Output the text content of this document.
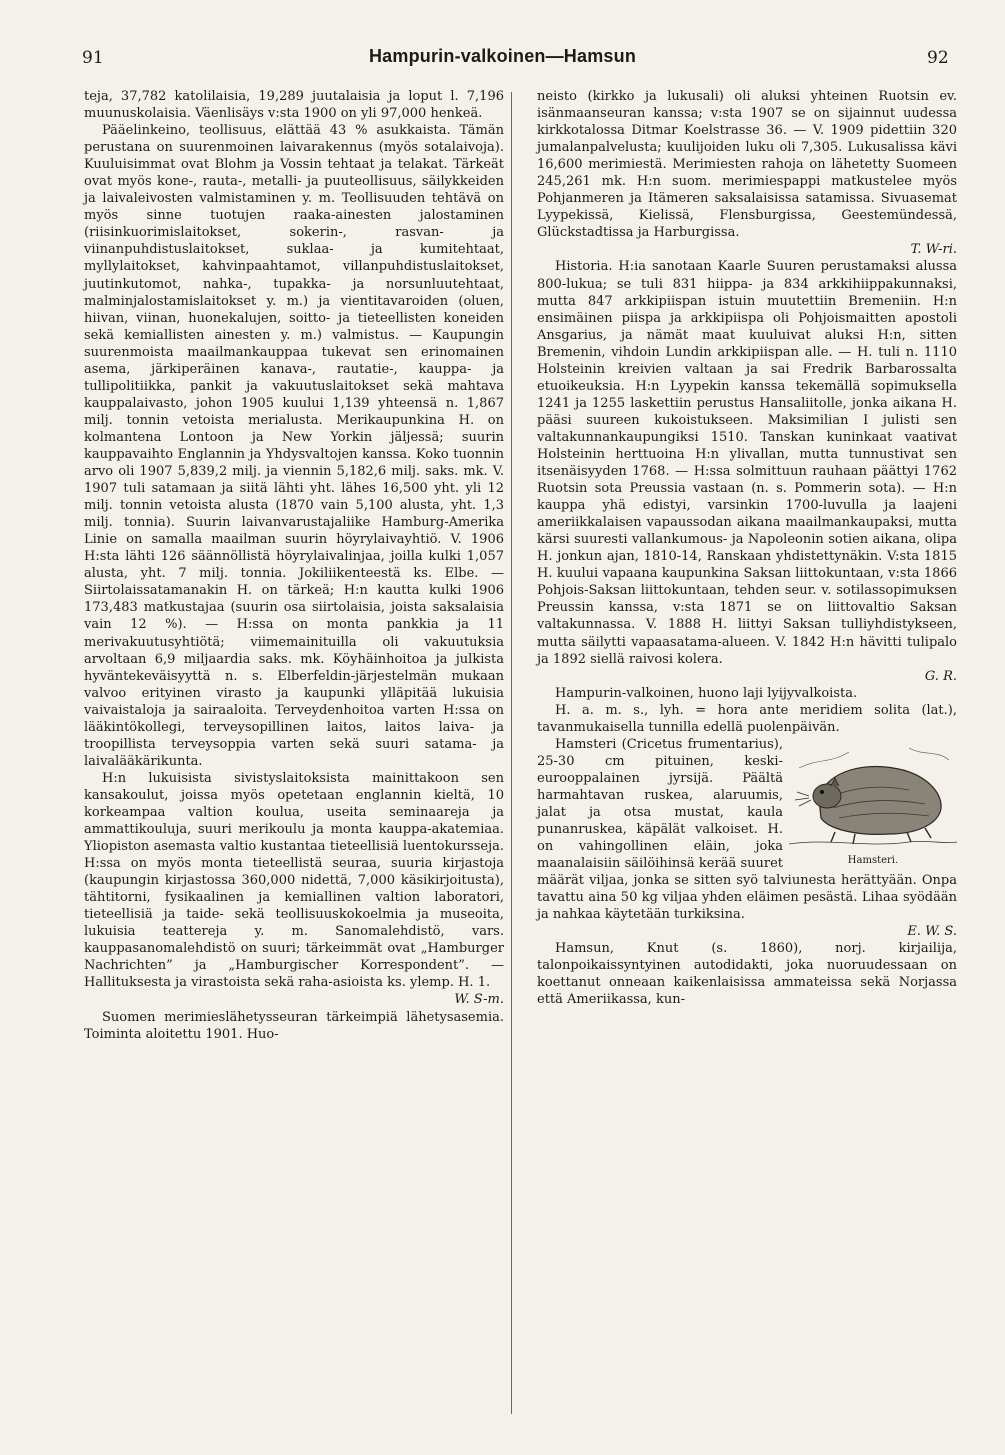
91	Hampurin-valkoinen—Hamsun	92

teja, 37,782 katolilaisia, 19,289 juutalaisia ja loput l. 7,196 muunuskolaisia. Väenlisäys v:sta 1900 on yli 97,000 henkeä.

Pääelinkeino, teollisuus, elättää 43 % asukkaista. Tämän perustana on suurenmoinen laivarakennus (myös sotalaivoja). Kuuluisimmat ovat Blohm ja Vossin tehtaat ja telakat. Tärkeät ovat myös kone-, rauta-, metalli- ja puuteollisuus, säilykkeiden ja laivaleivosten valmistaminen y. m. Teollisuuden tehtävä on myös sinne tuotujen raaka-ainesten jalostaminen (riisinkuorimislaitokset, sokerin-, rasvan- ja viinanpuhdistuslaitokset, suklaa- ja kumitehtaat, myllylaitokset, kahvinpaahtamot, villanpuhdistuslaitokset, juutinkutomot, nahka-, tupakka- ja norsunluutehtaat, malminjalostamislaitokset y. m.) ja vientitavaroiden (oluen, hiivan, viinan, huonekalujen, soitto- ja tieteellisten koneiden sekä kemiallisten ainesten y. m.) valmistus. — Kaupungin suurenmoista maailmankauppaa tukevat sen erinomainen asema, järkiperäinen kanava-, rautatie-, kauppa- ja tullipolitiikka, pankit ja vakuutuslaitokset sekä mahtava kauppalaivasto, johon 1905 kuului 1,139 yhteensä n. 1,867 milj. tonnin vetoista merialusta. Merikaupunkina H. on kolmantena Lontoon ja New Yorkin jäljessä; suurin kauppavaihto Englannin ja Yhdysvaltojen kanssa. Koko tuonnin arvo oli 1907 5,839,2 milj. ja viennin 5,182,6 milj. saks. mk. V. 1907 tuli satamaan ja siitä lähti yht. lähes 16,500 yht. yli 12 milj. tonnin vetoista alusta (1870 vain 5,100 alusta, yht. 1,3 milj. tonnia). Suurin laivanvarustajaliike Hamburg-Amerika Linie on samalla maailman suurin höyrylaivayhtiö. V. 1906 H:sta lähti 126 säännöllistä höyrylaivalinjaa, joilla kulki 1,057 alusta, yht. 7 milj. tonnia. Jokiliikenteestä ks. Elbe. — Siirtolaissatamanakin H. on tärkeä; H:n kautta kulki 1906 173,483 matkustajaa (suurin osa siirtolaisia, joista saksalaisia vain 12 %). — H:ssa on monta pankkia ja 11 merivakuutusyhtiötä; viimemainituilla oli vakuutuksia arvoltaan 6,9 miljaardia saks. mk. Köyhäinhoitoa ja julkista hyväntekeväisyyttä n. s. Elberfeldin-järjestelmän mukaan valvoo erityinen virasto ja kaupunki ylläpitää lukuisia vaivaistaloja ja sairaaloita. Terveydenhoitoa varten H:ssa on lääkintökollegi, terveysopillinen laitos, laitos laiva- ja troopillista terveysoppia varten sekä suuri satama- ja laivalääkärikunta.

H:n lukuisista sivistyslaitoksista mainittakoon sen kansakoulut, joissa myös opetetaan englannin kieltä, 10 korkeampaa valtion koulua, useita seminaareja ja ammattikouluja, suuri merikoulu ja monta kauppa-akatemiaa. Yliopiston asemasta valtio kustantaa tieteellisiä luentokursseja. H:ssa on myös monta tieteellistä seuraa, suuria kirjastoja (kaupungin kirjastossa 360,000 nidettä, 7,000 käsikirjoitusta), tähtitorni, fysikaalinen ja kemiallinen valtion laboratori, tieteellisiä ja taide- sekä teollisuuskokoelmia ja museoita, lukuisia teattereja y. m. Sanomalehdistö, vars. kauppasanomalehdistö on suuri; tärkeimmät ovat „Hamburger Nachrichten” ja „Hamburgischer Korrespondent”. — Hallituksesta ja virastoista sekä raha-asioista ks. ylemp. H. 1.

W. S-m.

Suomen merimieslähetysseuran tärkeimpiä lähetysasemia. Toiminta aloitettu 1901. Huo-

neisto (kirkko ja lukusali) oli aluksi yhteinen Ruotsin ev. isänmaanseuran kanssa; v:sta 1907 se on sijainnut uudessa kirkkotalossa Ditmar Koelstrasse 36. — V. 1909 pidettiin 320 jumalanpalvelusta; kuulijoiden luku oli 7,305. Lukusalissa kävi 16,600 merimiestä. Merimiesten rahoja on lähetetty Suomeen 245,261 mk. H:n suom. merimiespappi matkustelee myös Pohjanmeren ja Itämeren saksalaisissa satamissa. Sivuasemat Lyypekissä, Kielissä, Flensburgissa, Geestemündessä, Glückstadtissa ja Harburgissa.

T. W-ri.

Historia. H:ia sanotaan Kaarle Suuren perustamaksi alussa 800-lukua; se tuli 831 hiippa- ja 834 arkkihiippakunnaksi, mutta 847 arkkipiispan istuin muutettiin Bremeniin. H:n ensimäinen piispa ja arkkipiispa oli Pohjoismaitten apostoli Ansgarius, ja nämät maat kuuluivat aluksi H:n, sitten Bremenin, vihdoin Lundin arkkipiispan alle. — H. tuli n. 1110 Holsteinin kreivien valtaan ja sai Fredrik Barbarossalta etuoikeuksia. H:n Lyypekin kanssa tekemällä sopimuksella 1241 ja 1255 laskettiin perustus Hansaliitolle, jonka aikana H. pääsi suureen kukoistukseen. Maksimilian I julisti sen valtakunnankaupungiksi 1510. Tanskan kuninkaat vaativat Holsteinin herttuoina H:n ylivallan, mutta tunnustivat sen itsenäisyyden 1768. — H:ssa solmittuun rauhaan päättyi 1762 Ruotsin sota Preussia vastaan (n. s. Pommerin sota). — H:n kauppa yhä edistyi, varsinkin 1700-luvulla ja laajeni ameriikkalaisen vapaussodan aikana maailmankaupaksi, mutta kärsi suuresti vallankumous- ja Napoleonin sotien aikana, olipa H. jonkun ajan, 1810-14, Ranskaan yhdistettynäkin. V:sta 1815 H. kuului vapaana kaupunkina Saksan liittokuntaan, v:sta 1866 Pohjois-Saksan liittokuntaan, tehden seur. v. sotilassopimuksen Preussin kanssa, v:sta 1871 se on liittovaltio Saksan valtakunnassa. V. 1888 H. liittyi Saksan tulliyhdistykseen, mutta säilytti vapaasatama-alueen. V. 1842 H:n hävitti tulipalo ja 1892 siellä raivosi kolera.

G. R.

Hampurin-valkoinen, huono laji lyijyvalkoista.

H. a. m. s., lyh. = hora ante meridiem solita (lat.), tavanmukaisella tunnilla edellä puolenpäivän.

Hamsteri.

Hamsteri (Cricetus frumentarius), 25-30 cm pituinen, keski-eurooppalainen jyrsijä. Päältä harmahtavan ruskea, alaruumis, jalat ja otsa mustat, kaula punanruskea, käpälät valkoiset. H. on vahingollinen eläin, joka maanalaisiin säilöihinsä kerää suuret määrät viljaa, jonka se sitten syö talviunesta herättyään. Onpa tavattu aina 50 kg viljaa yhden eläimen pesästä. Lihaa syödään ja nahkaa käytetään turkiksina.

E. W. S.

Hamsun, Knut (s. 1860), norj. kirjailija, talonpoikaissyntyinen autodidakti, joka nuoruudessaan on koettanut onneaan kaikenlaisissa ammateissa sekä Norjassa että Ameriikassa, kun-
